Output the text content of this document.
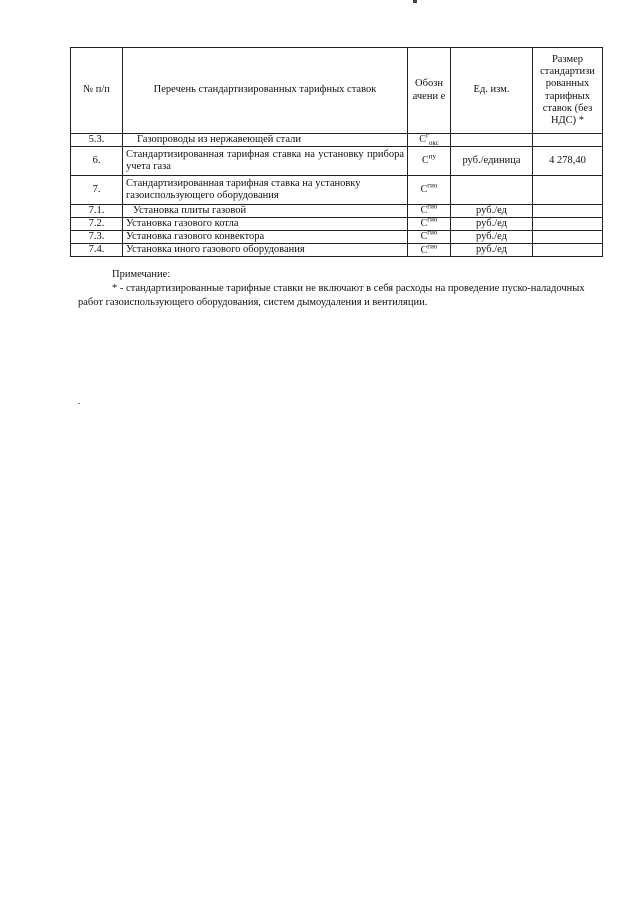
№ п/п	Перечень стандартизированных тарифных ставок	Обозн ачени е	Ед. изм.	Размер стандартизи рованных тарифных ставок (без НДС) *
5.3.	Газопроводы из нержавеющей стали	$С^г_{окс}$		
6.	Стандартизированная тарифная ставка на установку прибора учета газа	$С^{пу}$	руб./единица	4 278,40
7.	Стандартизированная тарифная ставка на установку газоиспользующего оборудования	$С^{гио}$		
7.1.	Установка плиты газовой	$С^{гио}$	руб./ед	
7.2.	Установка газового котла	$С^{гио}$	руб./ед	
7.3.	Установка газового конвектора	$С^{гио}$	руб./ед	
7.4.	Установка иного газового оборудования	$С^{гио}$	руб./ед	
Примечание:
* - стандартизированные тарифные ставки не включают в себя расходы на проведение пуско-наладочных работ газоиспользующего оборудования, систем дымоудаления и вентиляции.
